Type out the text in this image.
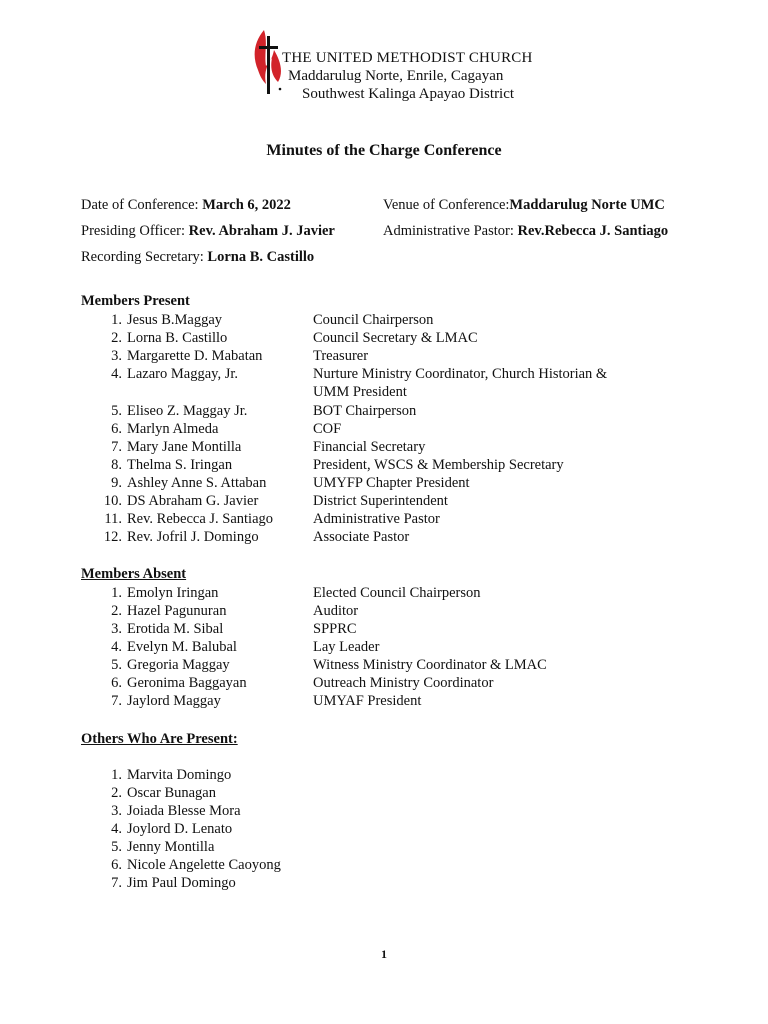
THE UNITED METHODIST CHURCH
Maddarulug Norte, Enrile, Cagayan
Southwest Kalinga Apayao District
Minutes of the Charge Conference
Date of Conference: March 6, 2022	Venue of Conference:Maddarulug Norte UMC
Presiding Officer: Rev. Abraham J. Javier	Administrative Pastor: Rev.Rebecca J. Santiago
Recording Secretary: Lorna B. Castillo
Members Present
1. Jesus B.Maggay	Council Chairperson
2. Lorna B. Castillo	Council Secretary & LMAC
3. Margarette D. Mabatan	Treasurer
4. Lazaro Maggay, Jr.	Nurture Ministry Coordinator, Church Historian &
UMM President
5. Eliseo Z. Maggay Jr.	BOT Chairperson
6. Marlyn Almeda	COF
7. Mary Jane Montilla	Financial Secretary
8. Thelma S. Iringan	President, WSCS & Membership Secretary
9. Ashley Anne S. Attaban	UMYFP Chapter President
10. DS Abraham G. Javier	District Superintendent
11. Rev. Rebecca J. Santiago	Administrative Pastor
12. Rev. Jofril J. Domingo	Associate Pastor
Members Absent
1. Emolyn Iringan	Elected Council Chairperson
2. Hazel Pagunuran	Auditor
3. Erotida M. Sibal	SPPRC
4. Evelyn M. Balubal	Lay Leader
5. Gregoria Maggay	Witness Ministry Coordinator & LMAC
6. Geronima Baggayan	Outreach Ministry Coordinator
7. Jaylord Maggay	UMYAF President
Others Who Are Present:
1. Marvita Domingo
2. Oscar Bunagan
3. Joiada Blesse Mora
4. Joylord D. Lenato
5. Jenny Montilla
6. Nicole Angelette Caoyong
7. Jim Paul Domingo
1
